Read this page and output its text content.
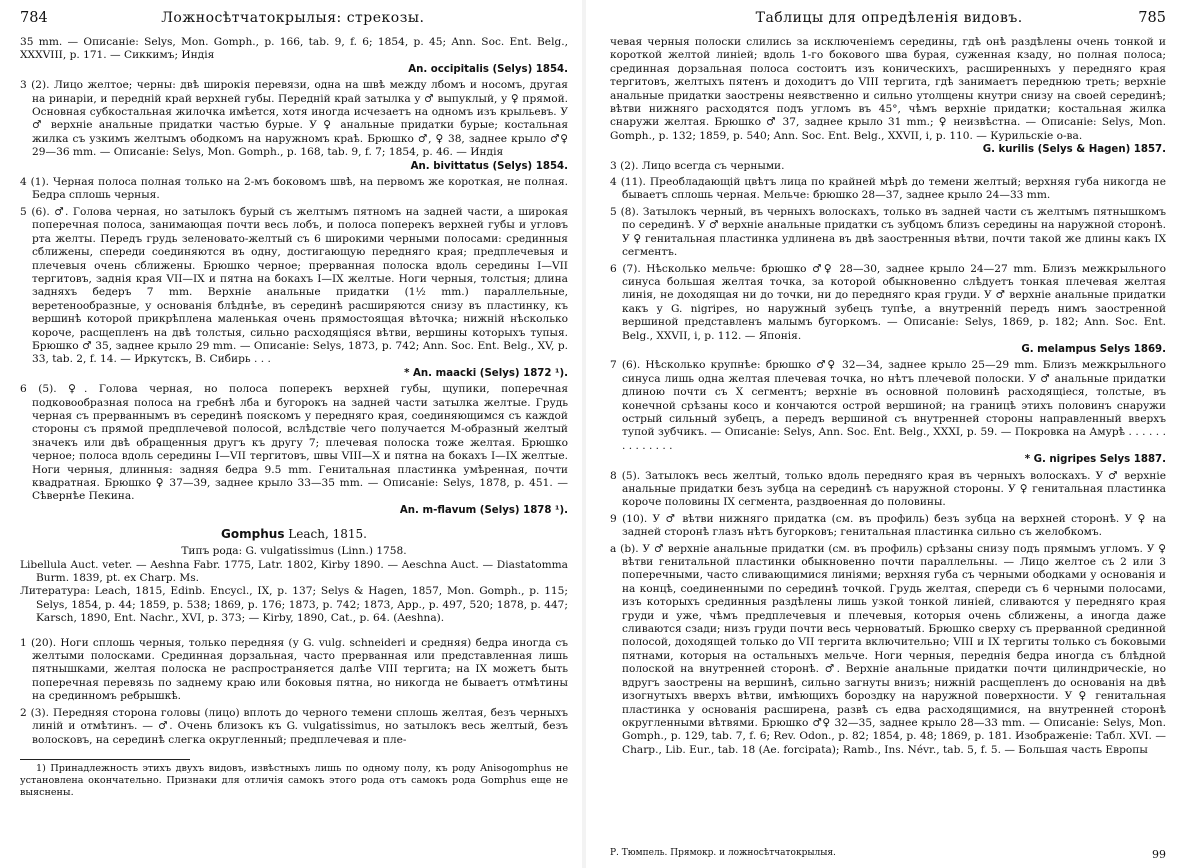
784	Ложносѣтчатокрылыя: стрекозы.

35 mm. — Описаніе: Selys, Mon. Gomph., p. 166, tab. 9, f. 6; 1854, p. 45; Ann. Soc. Ent. Belg., XXXVIII, p. 171. — Сиккимъ; Индія
An. occipitalis (Selys) 1854.

3 (2). Лицо желтое; черны: двѣ широкія перевязи, одна на швѣ между лбомъ и носомъ, другая на ринаріи, и передній край верхней губы. Передній край затылка у ♂ выпуклый, у ♀ прямой. Основная субкостальная жилочка имѣется, хотя иногда исчезаетъ на одномъ изъ крыльевъ. У ♂ верхніе анальные придатки частью бурые. У ♀ анальные придатки бурые; костальная жилка съ узкимъ желтымъ ободкомъ на наружномъ краѣ. Брюшко ♂, ♀ 38, заднее крыло ♂♀ 29—36 mm. — Описаніе: Selys, Mon. Gomph., p. 168, tab. 9, f. 7; 1854, p. 46. — Индія
An. bivittatus (Selys) 1854.

4 (1). Черная полоса полная только на 2-мъ боковомъ швѣ, на первомъ же короткая, не полная. Бедра сплошь черныя.

5 (6). ♂. Голова черная, но затылокъ бурый съ желтымъ пятномъ на задней части, а широкая поперечная полоса, занимающая почти весь лобъ, и полоса поперекъ верхней губы и угловъ рта желты. Передъ грудь зеленовато-желтый съ 6 широкими черными полосами: срединныя сближены, спереди соединяются въ одну, достигающую передняго края; предплечевыя и плечевыя очень сближены. Брюшко черное; прерванная полоска вдоль середины I—VII тергитовъ, заднія края VII—IX и пятна на бокахъ I—IX желтые. Ноги черныя, толстыя; длина задняхъ бедеръ 7 mm. Верхніе анальные придатки (1½ mm.) параллельные, веретенообразные, у основанія блѣднѣе, въ серединѣ расширяются снизу въ пластинку, къ вершинѣ которой прикрѣплена маленькая очень прямостоящая вѣточка; нижній нѣсколько короче, расщепленъ на двѣ толстыя, сильно расходящіяся вѣтви, вершины которыхъ тупыя. Брюшко ♂ 35, заднее крыло 29 mm. — Описаніе: Selys, 1873, p. 742; Ann. Soc. Ent. Belg., XV, p. 33, tab. 2, f. 14. — Иркутскъ, В. Сибирь . . .
* An. maacki (Selys) 1872 ¹).

6 (5). ♀. Голова черная, но полоса поперекъ верхней губы, щупики, поперечная подковообразная полоса на гребнѣ лба и бугорокъ на задней части затылка желтые. Грудь черная съ прерваннымъ въ серединѣ пояскомъ у передняго края, соединяющимся съ каждой стороны съ прямой предплечевой полосой, вслѣдствіе чего получается M-образный желтый значекъ или двѣ обращенныя другъ къ другу 7; плечевая полоска тоже желтая. Брюшко черное; полоса вдоль середины I—VII тергитовъ, швы VIII—X и пятна на бокахъ I—IX желтые. Ноги черныя, длинныя: задняя бедра 9.5 mm. Генитальная пластинка умѣренная, почти квадратная. Брюшко ♀ 37—39, заднее крыло 33—35 mm. — Описаніе: Selys, 1878, p. 451. — Сѣвернѣе Пекина.
An. m-flavum (Selys) 1878 ¹).

Gomphus Leach, 1815.

Типъ рода: G. vulgatissimus (Linn.) 1758.

Libellula Auct. veter. — Aeshna Fabr. 1775, Latr. 1802, Kirby 1890. — Aeschna Auct. — Diastatomma Burm. 1839, pt. ex Charp. Ms.

Литература: Leach, 1815, Edinb. Encycl., IX, p. 137; Selys & Hagen, 1857, Mon. Gomph., p. 115; Selys, 1854, p. 44; 1859, p. 538; 1869, p. 176; 1873, p. 742; 1873, App., p. 497, 520; 1878, p. 447; Karsch, 1890, Ent. Nachr., XVI, p. 373; — Kirby, 1890, Cat., p. 64. (Aeshna).

1 (20). Ноги сплошь черныя, только передняя (у G. vulg. schneideri и средняя) бедра иногда съ желтыми полосками. Срединная дорзальная, часто прерванная или представленная лишь пятнышками, желтая полоска не распространяется далѣе VIII тергита; на IX можетъ быть поперечная перевязь по заднему краю или боковыя пятна, но никогда не бываетъ отмѣтины на срединномъ ребрышкѣ.

2 (3). Передняя сторона головы (лицо) вплоть до черного темени сплошь желтая, безъ черныхъ линій и отмѣтинъ. — ♂. Очень близокъ къ G. vulgatissimus, но затылокъ весь желтый, безъ волосковъ, на серединѣ слегка округленный; предплечевая и пле-

1) Принадлежность этихъ двухъ видовъ, извѣстныхъ лишь по одному полу, къ роду Anisogomphus не установлена окончательно. Признаки для отличія самокъ этого рода отъ самокъ рода Gomphus еще не выяснены.

Таблицы для опредѣленія видовъ.	785

чевая черныя полоски слились за исключеніемъ середины, гдѣ онѣ раздѣлены очень тонкой и короткой желтой линіей; вдоль 1-го бокового шва бурая, суженная кзаду, но полная полоса; срединная дорзальная полоса состоитъ изъ коническихъ, расширенныхъ у передняго края тергитовъ, желтыхъ пятенъ и доходитъ до VIII тергита, гдѣ занимаетъ переднюю треть; верхніе анальные придатки заострены неявственно и сильно утолщены кнутри снизу на своей серединѣ; вѣтви нижняго расходятся подъ угломъ въ 45°, чѣмъ верхніе придатки; костальная жилка снаружи желтая. Брюшко ♂ 37, заднее крыло 31 mm.; ♀ неизвѣстна. — Описаніе: Selys, Mon. Gomph., p. 132; 1859, p. 540; Ann. Soc. Ent. Belg., XXVII, i, p. 110. — Курильскіе о-ва.
G. kurilis (Selys & Hagen) 1857.

3 (2). Лицо всегда съ черными.

4 (11). Преобладающій цвѣтъ лица по крайней мѣрѣ до темени желтый; верхняя губа никогда не бываетъ сплошь черная. Мельче: брюшко 28—37, заднее крыло 24—33 mm.

5 (8). Затылокъ черный, въ черныхъ волоскахъ, только въ задней части съ желтымъ пятнышкомъ по серединѣ. У ♂ верхніе анальные придатки съ зубцомъ близъ середины на наружной сторонѣ. У ♀ генитальная пластинка удлинена въ двѣ заостренныя вѣтви, почти такой же длины какъ IX сегментъ.

6 (7). Нѣсколько мельче: брюшко ♂♀ 28—30, заднее крыло 24—27 mm. Близъ межкрыльного синуса большая желтая точка, за которой обыкновенно слѣдуетъ тонкая плечевая желтая линія, не доходящая ни до точки, ни до передняго края груди. У ♂ верхніе анальные придатки какъ у G. nigripes, но наружный зубецъ тупѣе, а внутренній передъ нимъ заостренной вершиной представленъ малымъ бугоркомъ. — Описаніе: Selys, 1869, p. 182; Ann. Soc. Ent. Belg., XXVII, i, p. 112. — Японія.
G. melampus Selys 1869.

7 (6). Нѣсколько крупнѣе: брюшко ♂♀ 32—34, заднее крыло 25—29 mm. Близъ межкрыльного синуса лишь одна желтая плечевая точка, но нѣтъ плечевой полоски. У ♂ анальные придатки длиною почти съ X сегментъ; верхніе въ основной половинѣ расходящіеся, толстые, въ конечной срѣзаны косо и кончаются острой вершиной; на границѣ этихъ половинъ снаружи острый сильный зубецъ, а передъ вершиной съ внутренней стороны направленный вверхъ тупой зубчикъ. — Описаніе: Selys, Ann. Soc. Ent. Belg., XXXI, p. 59. — Покровка на Амурѣ . . . . . . . . . . . . . .
* G. nigripes Selys 1887.

8 (5). Затылокъ весь желтый, только вдоль передняго края въ черныхъ волоскахъ. У ♂ верхніе анальные придатки безъ зубца на серединѣ съ наружной стороны. У ♀ генитальная пластинка короче половины IX сегмента, раздвоенная до половины.

9 (10). У ♂ вѣтви нижняго придатка (см. въ профиль) безъ зубца на верхней сторонѣ. У ♀ на задней сторонѣ глазъ нѣтъ бугорковъ; генитальная пластинка сильно съ желобкомъ.

a (b). У ♂ верхніе анальные придатки (см. въ профиль) срѣзаны снизу подъ прямымъ угломъ. У ♀ вѣтви генитальной пластинки обыкновенно почти параллельны. — Лицо желтое съ 2 или 3 поперечными, часто сливающимися линіями; верхняя губа съ черными ободками у основанія и на концѣ, соединенными по серединѣ точкой. Грудь желтая, спереди съ 6 черными полосами, изъ которыхъ срединныя раздѣлены лишь узкой тонкой линіей, сливаются у передняго края груди и уже, чѣмъ предплечевыя и плечевыя, которыя очень сближены, а иногда даже сливаются сзади; низъ груди почти весь черноватый. Брюшко сверху съ прерванной срединной полосой, доходящей только до VII тергита включительно; VIII и IX тергиты только съ боковыми пятнами, которыя на остальныхъ мельче. Ноги черныя, переднія бедра иногда съ блѣдной полоской на внутренней сторонѣ. ♂. Верхніе анальные придатки почти цилиндрическіе, но вдругъ заострены на вершинѣ, сильно загнуты внизъ; нижній расщепленъ до основанія на двѣ изогнутыхъ вверхъ вѣтви, имѣющихъ бороздку на наружной поверхности. У ♀ генитальная пластинка у основанія расширена, развѣ съ едва расходящимися, на внутренней сторонѣ округленными вѣтвями. Брюшко ♂♀ 32—35, заднее крыло 28—33 mm. — Описаніе: Selys, Mon. Gomph., p. 129, tab. 7, f. 6; Rev. Odon., p. 82; 1854, p. 48; 1869, p. 181. Изображеніе: Табл. XVI. — Charp., Lib. Eur., tab. 18 (Ae. forcipata); Ramb., Ins. Névr., tab. 5, f. 5. — Большая часть Европы

Р. Тюмпель. Прямокр. и ложносѣтчатокрылыя.	99
